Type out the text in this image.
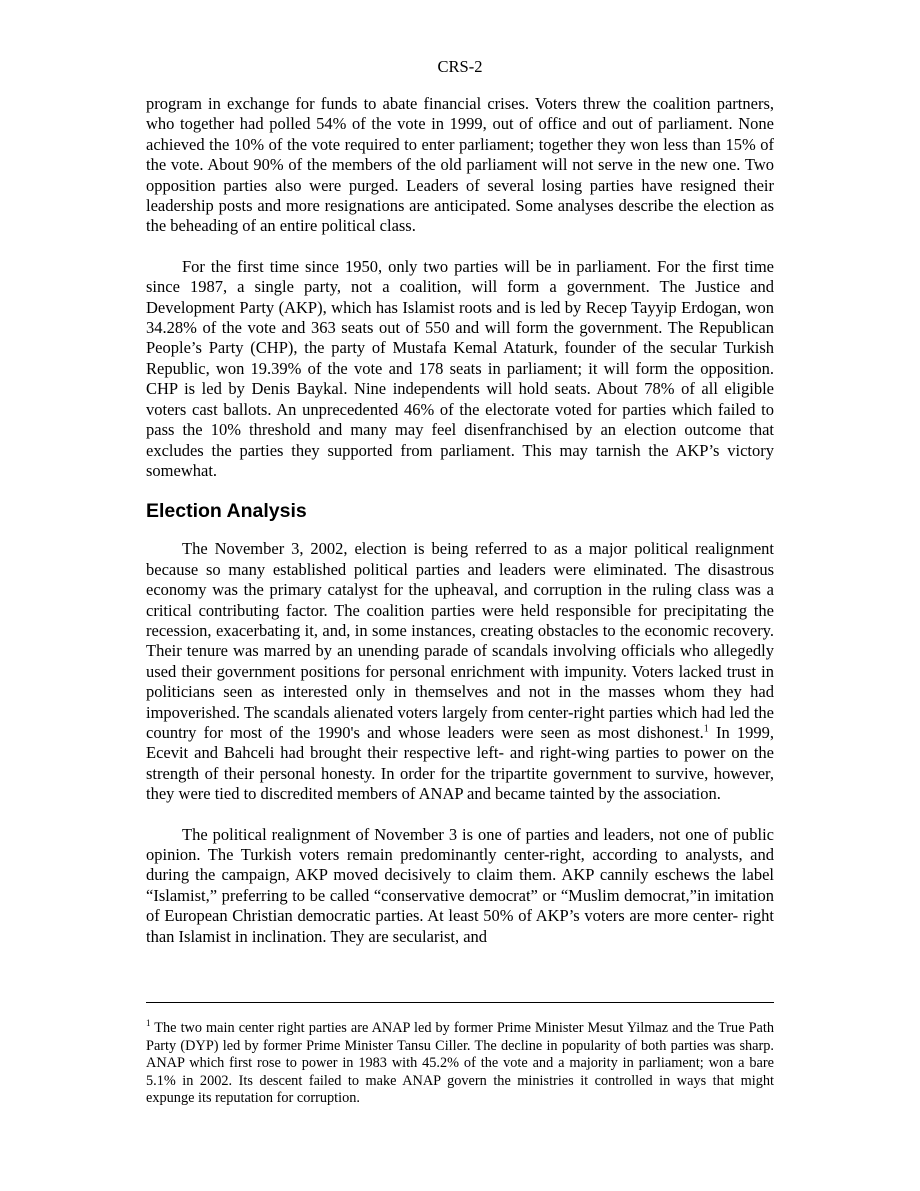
CRS-2

program in exchange for funds to abate financial crises. Voters threw the coalition partners, who together had polled 54% of the vote in 1999, out of office and out of parliament. None achieved the 10% of the vote required to enter parliament; together they won less than 15% of the vote. About 90% of the members of the old parliament will not serve in the new one. Two opposition parties also were purged. Leaders of several losing parties have resigned their leadership posts and more resignations are anticipated. Some analyses describe the election as the beheading of an entire political class.

For the first time since 1950, only two parties will be in parliament. For the first time since 1987, a single party, not a coalition, will form a government. The Justice and Development Party (AKP), which has Islamist roots and is led by Recep Tayyip Erdogan, won 34.28% of the vote and 363 seats out of 550 and will form the government. The Republican People’s Party (CHP), the party of Mustafa Kemal Ataturk, founder of the secular Turkish Republic, won 19.39% of the vote and 178 seats in parliament; it will form the opposition. CHP is led by Denis Baykal. Nine independents will hold seats. About 78% of all eligible voters cast ballots. An unprecedented 46% of the electorate voted for parties which failed to pass the 10% threshold and many may feel disenfranchised by an election outcome that excludes the parties they supported from parliament. This may tarnish the AKP’s victory somewhat.

Election Analysis

The November 3, 2002, election is being referred to as a major political realignment because so many established political parties and leaders were eliminated. The disastrous economy was the primary catalyst for the upheaval, and corruption in the ruling class was a critical contributing factor. The coalition parties were held responsible for precipitating the recession, exacerbating it, and, in some instances, creating obstacles to the economic recovery. Their tenure was marred by an unending parade of scandals involving officials who allegedly used their government positions for personal enrichment with impunity. Voters lacked trust in politicians seen as interested only in themselves and not in the masses whom they had impoverished. The scandals alienated voters largely from center-right parties which had led the country for most of the 1990's and whose leaders were seen as most dishonest.$^1$ In 1999, Ecevit and Bahceli had brought their respective left- and right-wing parties to power on the strength of their personal honesty. In order for the tripartite government to survive, however, they were tied to discredited members of ANAP and became tainted by the association.

The political realignment of November 3 is one of parties and leaders, not one of public opinion. The Turkish voters remain predominantly center-right, according to analysts, and during the campaign, AKP moved decisively to claim them. AKP cannily eschews the label “Islamist,” preferring to be called “conservative democrat” or “Muslim democrat,”in imitation of European Christian democratic parties. At least 50% of AKP’s voters are more center- right than Islamist in inclination. They are secularist, and

$^1$ The two main center right parties are ANAP led by former Prime Minister Mesut Yilmaz and the True Path Party (DYP) led by former Prime Minister Tansu Ciller. The decline in popularity of both parties was sharp. ANAP which first rose to power in 1983 with 45.2% of the vote and a majority in parliament; won a bare 5.1% in 2002. Its descent failed to make ANAP govern the ministries it controlled in ways that might expunge its reputation for corruption.
